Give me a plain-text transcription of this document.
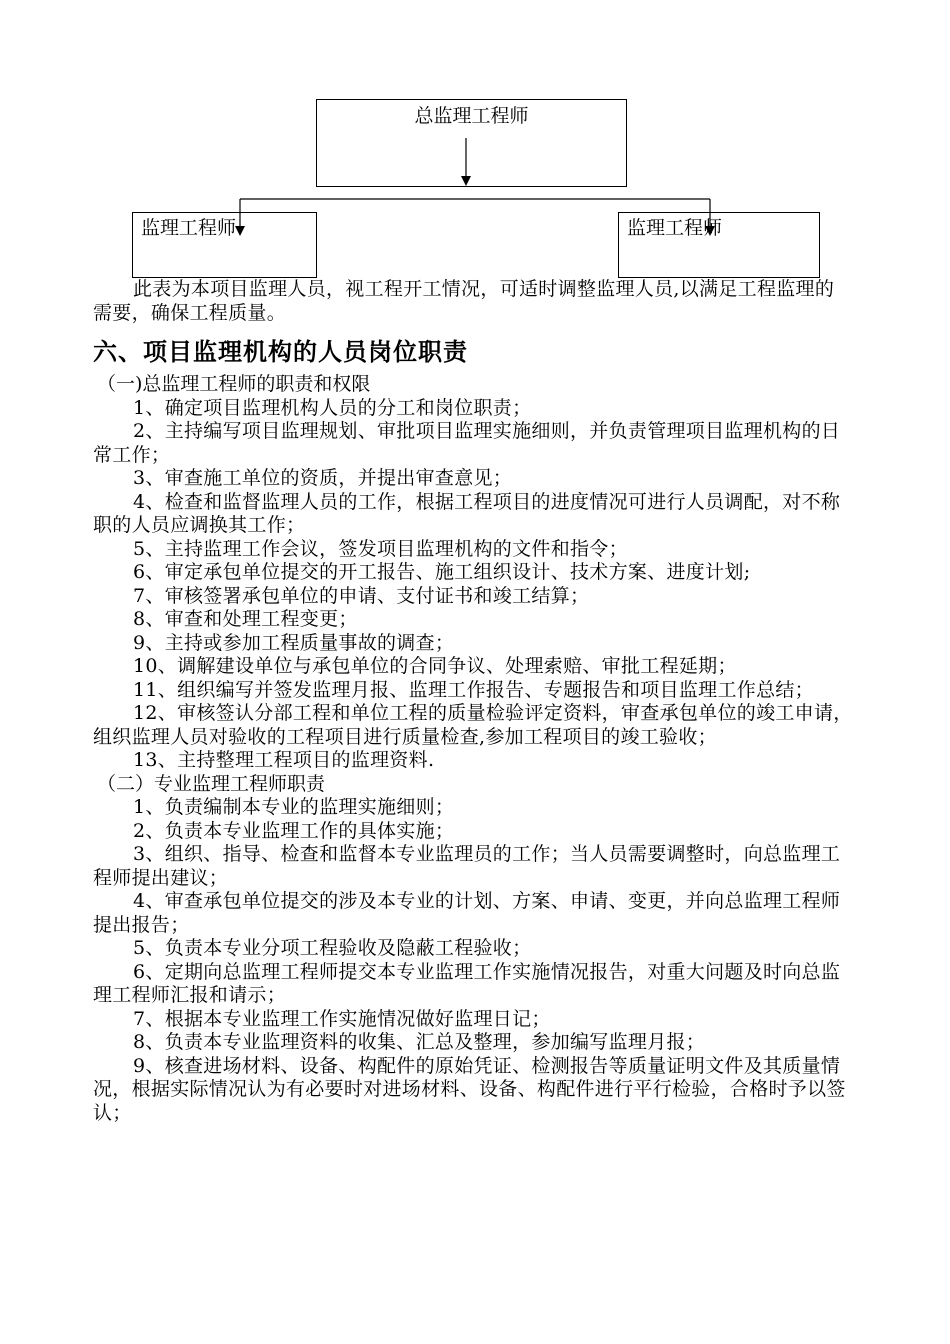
总监理工程师
监理工程师	监理工程师

此表为本项目监理人员，视工程开工情况，可适时调整监理人员,以满足工程监理的需要，确保工程质量。

六、项目监理机构的人员岗位职责

（一)总监理工程师的职责和权限

1、确定项目监理机构人员的分工和岗位职责；

2、主持编写项目监理规划、审批项目监理实施细则，并负责管理项目监理机构的日常工作；

3、审查施工单位的资质，并提出审查意见；

4、检查和监督监理人员的工作，根据工程项目的进度情况可进行人员调配，对不称职的人员应调换其工作；

5、主持监理工作会议，签发项目监理机构的文件和指令；

6、审定承包单位提交的开工报告、施工组织设计、技术方案、进度计划;

7、审核签署承包单位的申请、支付证书和竣工结算；

8、审查和处理工程变更；

9、主持或参加工程质量事故的调查；

10、调解建设单位与承包单位的合同争议、处理索赔、审批工程延期；

11、组织编写并签发监理月报、监理工作报告、专题报告和项目监理工作总结；

12、审核签认分部工程和单位工程的质量检验评定资料，审查承包单位的竣工申请，组织监理人员对验收的工程项目进行质量检查,参加工程项目的竣工验收；

13、主持整理工程项目的监理资料.

（二）专业监理工程师职责

1、负责编制本专业的监理实施细则；

2、负责本专业监理工作的具体实施；

3、组织、指导、检查和监督本专业监理员的工作；当人员需要调整时，向总监理工程师提出建议；

4、审查承包单位提交的涉及本专业的计划、方案、申请、变更，并向总监理工程师提出报告；

5、负责本专业分项工程验收及隐蔽工程验收；

6、定期向总监理工程师提交本专业监理工作实施情况报告，对重大问题及时向总监理工程师汇报和请示；

7、根据本专业监理工作实施情况做好监理日记；

8、负责本专业监理资料的收集、汇总及整理，参加编写监理月报；

9、核查进场材料、设备、构配件的原始凭证、检测报告等质量证明文件及其质量情况，根据实际情况认为有必要时对进场材料、设备、构配件进行平行检验，合格时予以签认；
